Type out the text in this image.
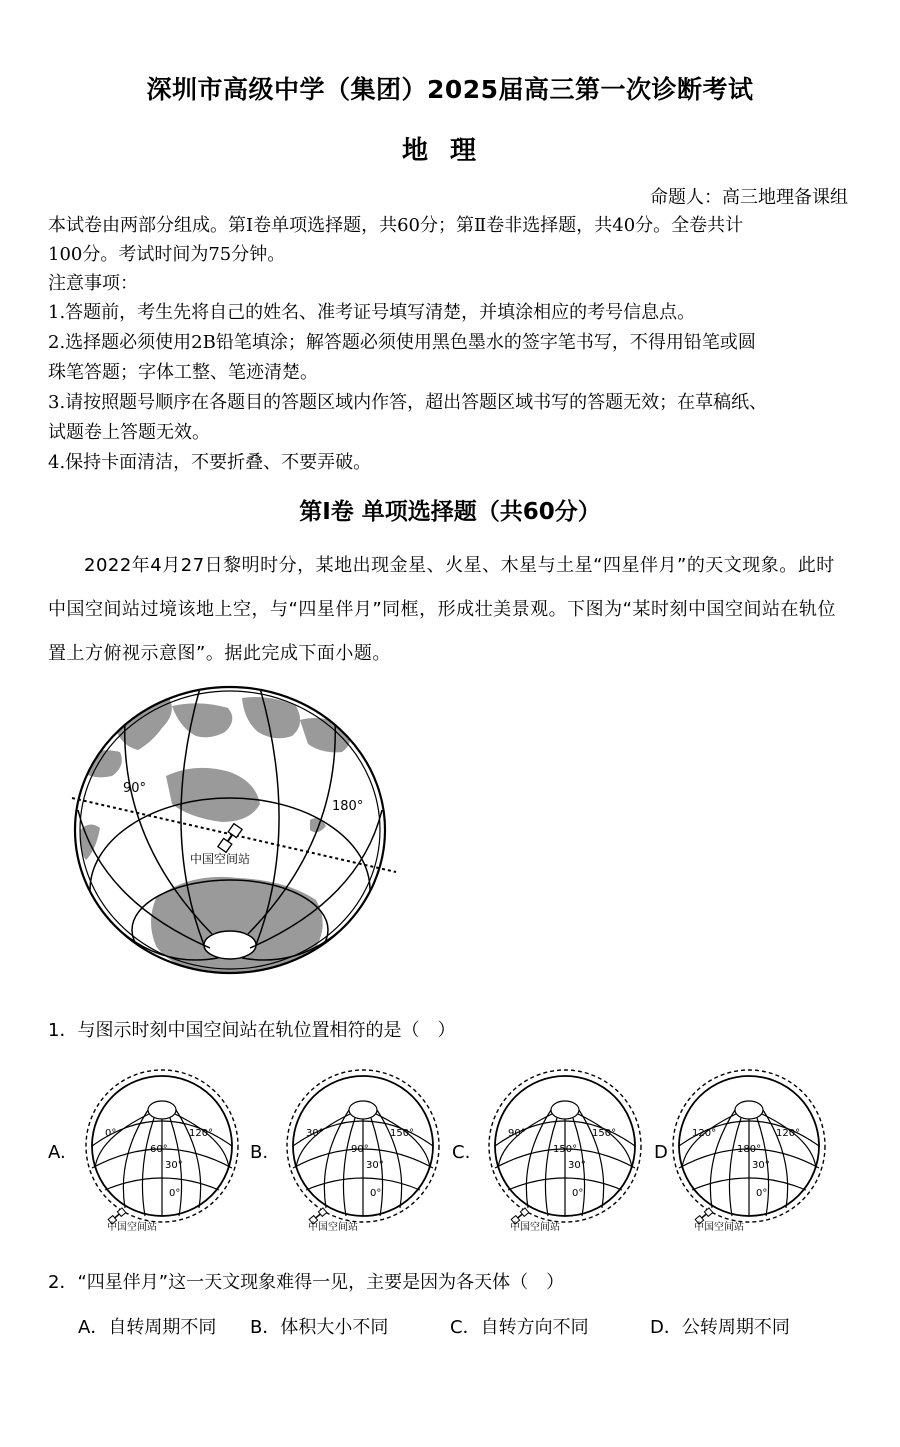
深圳市高级中学（集团）2025届高三第一次诊断考试
地理
命题人：高三地理备课组
本试卷由两部分组成。第Ⅰ卷单项选择题，共60分；第Ⅱ卷非选择题，共40分。全卷共计
100分。考试时间为75分钟。
注意事项：
1.答题前，考生先将自己的姓名、准考证号填写清楚，并填涂相应的考号信息点。
2.选择题必须使用2B铅笔填涂；解答题必须使用黑色墨水的签字笔书写，不得用铅笔或圆
珠笔答题；字体工整、笔迹清楚。
3.请按照题号顺序在各题目的答题区域内作答，超出答题区域书写的答题无效；在草稿纸、
试题卷上答题无效。
4.保持卡面清洁，不要折叠、不要弄破。
第Ⅰ卷 单项选择题（共60分）
2022年4月27日黎明时分，某地出现金星、火星、木星与土星“四星伴月”的天文现象。此时中国空间站过境该地上空，与“四星伴月”同框，形成壮美景观。下图为“某时刻中国空间站在轨位置上方俯视示意图”。据此完成下面小题。
90°
180°
中国空间站
1．与图示时刻中国空间站在轨位置相符的是（　）
A.	B.	C.	D
0°
60°
120°
30°
0°
中国空间站
30°
90°
150°
30°
0°
中国空间站
90°
150°
150°
30°
0°
中国空间站
120°
180°
120°
30°
0°
中国空间站
2．“四星伴月”这一天文现象难得一见，主要是因为各天体（　）
A．自转周期不同 B．体积大小不同	C．自转方向不同	D．公转周期不同
